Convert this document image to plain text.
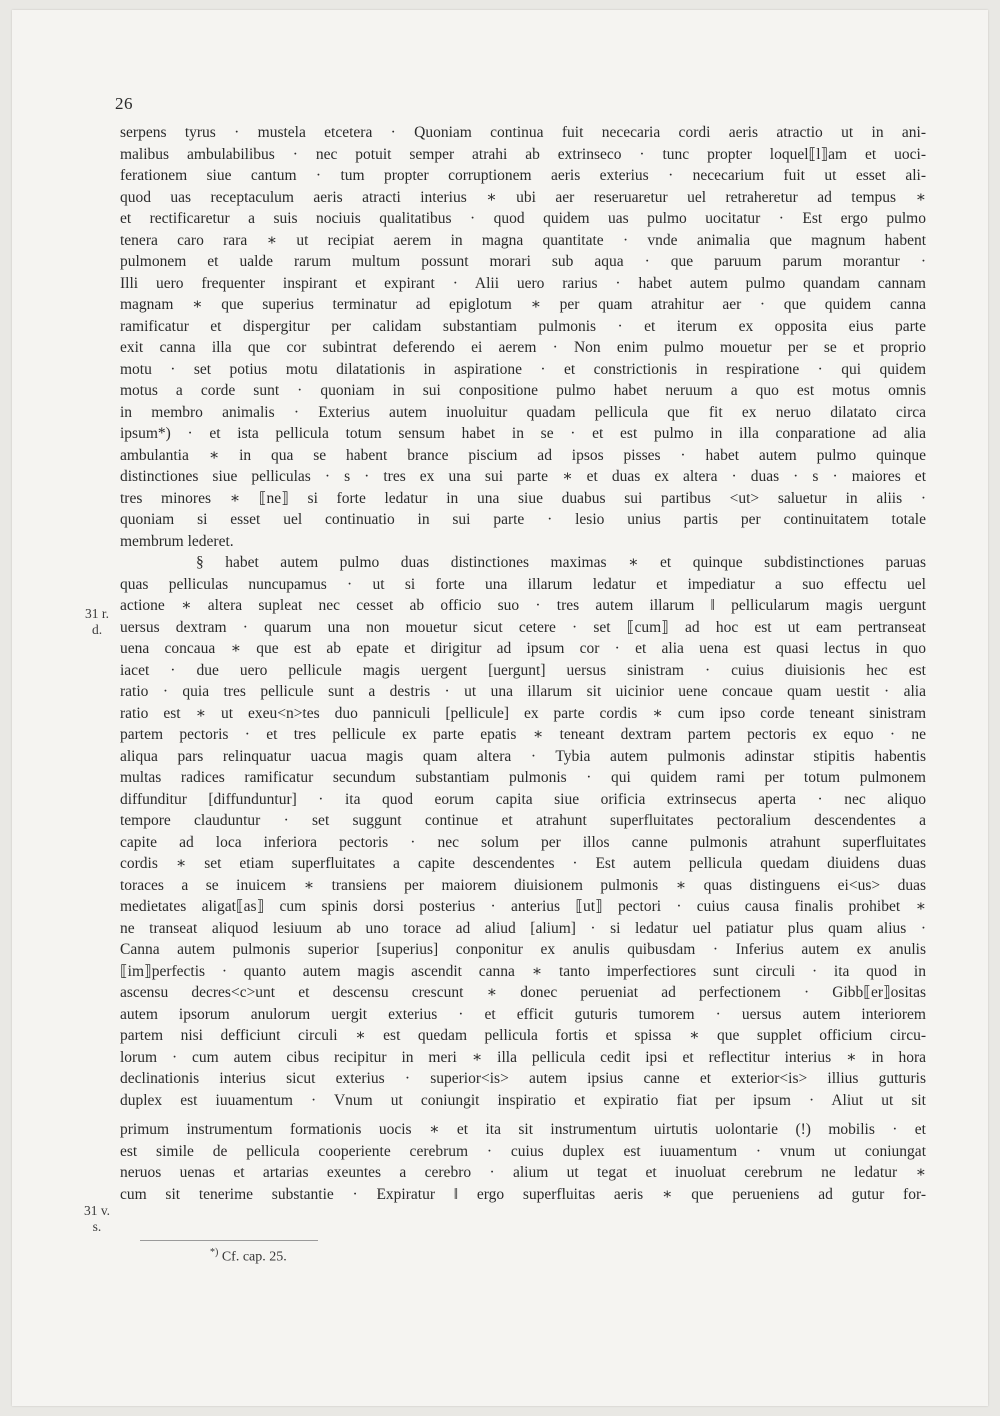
26
serpens tyrus · mustela etcetera · Quoniam continua fuit nececaria cordi aeris atractio ut in ani-
malibus ambulabilibus · nec potuit semper atrahi ab extrinseco · tunc propter loquel⟦l⟧am et uoci-
ferationem siue cantum · tum propter corruptionem aeris exterius · nececarium fuit ut esset ali-
quod uas receptaculum aeris atracti interius ∗ ubi aer reseruaretur uel retraheretur ad tempus ∗
et rectificaretur a suis nociuis qualitatibus · quod quidem uas pulmo uocitatur · Est ergo pulmo
tenera caro rara ∗ ut recipiat aerem in magna quantitate · vnde animalia que magnum habent
pulmonem et ualde rarum multum possunt morari sub aqua · que paruum parum morantur ·
Illi uero frequenter inspirant et expirant · Alii uero rarius · habet autem pulmo quandam cannam
magnam ∗ que superius terminatur ad epiglotum ∗ per quam atrahitur aer · que quidem canna
ramificatur et dispergitur per calidam substantiam pulmonis · et iterum ex opposita eius parte
exit canna illa que cor subintrat deferendo ei aerem · Non enim pulmo mouetur per se et proprio
motu · set potius motu dilatationis in aspiratione · et constrictionis in respiratione · qui quidem
motus a corde sunt · quoniam in sui conpositione pulmo habet neruum a quo est motus omnis
in membro animalis · Exterius autem inuoluitur quadam pellicula que fit ex neruo dilatato circa
ipsum*) · et ista pellicula totum sensum habet in se · et est pulmo in illa conparatione ad alia
ambulantia ∗ in qua se habent brance piscium ad ipsos pisses · habet autem pulmo quinque
distinctiones siue pelliculas · s · tres ex una sui parte ∗ et duas ex altera · duas · s · maiores et
tres minores ∗ ⟦ne⟧ si forte ledatur in una siue duabus sui partibus <ut> saluetur in aliis ·
quoniam si esset uel continuatio in sui parte · lesio unius partis per continuitatem totale
membrum lederet.
§ habet autem pulmo duas distinctiones maximas ∗ et quinque subdistinctiones paruas
quas pelliculas nuncupamus · ut si forte una illarum ledatur et impediatur a suo effectu uel
actione ∗ altera supleat nec cesset ab officio suo · tres autem illarum ‖ pellicularum magis uergunt
uersus dextram · quarum una non mouetur sicut cetere · set ⟦cum⟧ ad hoc est ut eam pertranseat
uena concaua ∗ que est ab epate et dirigitur ad ipsum cor · et alia uena est quasi lectus in quo
iacet · due uero pellicule magis uergent [uergunt] uersus sinistram · cuius diuisionis hec est
ratio · quia tres pellicule sunt a destris · ut una illarum sit uicinior uene concaue quam uestit · alia
ratio est ∗ ut exeu<n>tes duo panniculi [pellicule] ex parte cordis ∗ cum ipso corde teneant sinistram
partem pectoris · et tres pellicule ex parte epatis ∗ teneant dextram partem pectoris ex equo · ne
aliqua pars relinquatur uacua magis quam altera · Tybia autem pulmonis adinstar stipitis habentis
multas radices ramificatur secundum substantiam pulmonis · qui quidem rami per totum pulmonem
diffunditur [diffunduntur] · ita quod eorum capita siue orificia extrinsecus aperta · nec aliquo
tempore clauduntur · set suggunt continue et atrahunt superfluitates pectoralium descendentes a
capite ad loca inferiora pectoris · nec solum per illos canne pulmonis atrahunt superfluitates
cordis ∗ set etiam superfluitates a capite descendentes · Est autem pellicula quedam diuidens duas
toraces a se inuicem ∗ transiens per maiorem diuisionem pulmonis ∗ quas distinguens ei<us> duas
medietates aligat⟦as⟧ cum spinis dorsi posterius · anterius ⟦ut⟧ pectori · cuius causa finalis prohibet ∗
ne transeat aliquod lesiuum ab uno torace ad aliud [alium] · si ledatur uel patiatur plus quam alius ·
Canna autem pulmonis superior [superius] conponitur ex anulis quibusdam · Inferius autem ex anulis
⟦im⟧perfectis · quanto autem magis ascendit canna ∗ tanto imperfectiores sunt circuli · ita quod in
ascensu decres<c>unt et descensu crescunt ∗ donec perueniat ad perfectionem · Gibb⟦er⟧ositas
autem ipsorum anulorum uergit exterius · et efficit guturis tumorem · uersus autem interiorem
partem nisi defficiunt circuli ∗ est quedam pellicula fortis et spissa ∗ que supplet officium circu-
lorum · cum autem cibus recipitur in meri ∗ illa pellicula cedit ipsi et reflectitur interius ∗ in hora
declinationis interius sicut exterius · superior<is> autem ipsius canne et exterior<is> illius gutturis
duplex est iuuamentum · Vnum ut coniungit inspiratio et expiratio fiat per ipsum · Aliut ut sit
primum instrumentum formationis uocis ∗ et ita sit instrumentum uirtutis uolontarie (!) mobilis · et
est simile de pellicula cooperiente cerebrum · cuius duplex est iuuamentum · vnum ut coniungat
neruos uenas et artarias exeuntes a cerebro · alium ut tegat et inuoluat cerebrum ne ledatur ∗
cum sit tenerime substantie · Expiratur ‖ ergo superfluitas aeris ∗ que perueniens ad gutur for-
31 r.
d.
31 v.
s.
*) Cf. cap. 25.
